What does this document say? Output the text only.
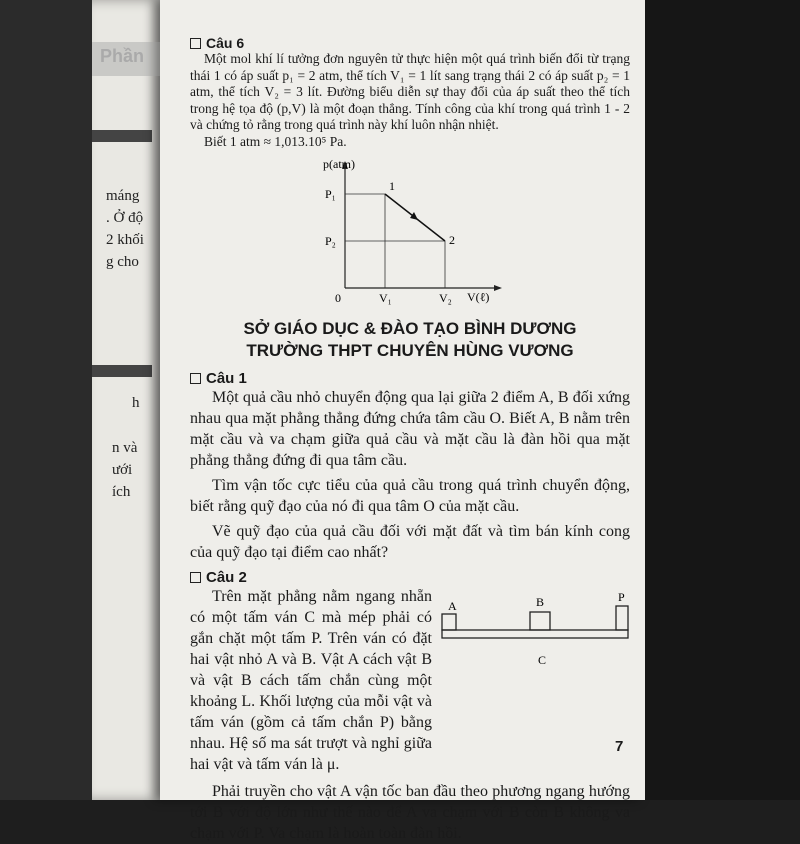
Phần
máng
. Ở độ
2 khối
g cho
h
n và
ưới
ích
Câu 6

Một mol khí lí tưởng đơn nguyên tử thực hiện một quá trình biến đổi từ trạng thái 1 có áp suất p₁ = 2 atm, thể tích V₁ = 1 lít sang trạng thái 2 có áp suất p₂ = 1 atm, thể tích V₂ = 3 lít. Đường biểu diễn sự thay đổi của áp suất theo thể tích trong hệ tọa độ (p,V) là một đoạn thẳng. Tính công của khí trong quá trình 1 - 2 và chứng tỏ rằng trong quá trình này khí luôn nhận nhiệt.

Biết 1 atm ≈ 1,013.10⁵ Pa.

p(atm)
V(ℓ)
0
P₁
P₂
V₁	V₂
1
2
SỞ GIÁO DỤC & ĐÀO TẠO BÌNH DƯƠNG
TRƯỜNG THPT CHUYÊN HÙNG VƯƠNG
Câu 1

Một quả cầu nhỏ chuyển động qua lại giữa 2 điểm A, B đối xứng nhau qua mặt phẳng thẳng đứng chứa tâm cầu O. Biết A, B nằm trên mặt cầu và va chạm giữa quả cầu và mặt cầu là đàn hồi qua mặt phẳng thẳng đứng đi qua tâm cầu.

Tìm vận tốc cực tiểu của quả cầu trong quá trình chuyển động, biết rằng quỹ đạo của nó đi qua tâm O của mặt cầu.

Vẽ quỹ đạo của quả cầu đối với mặt đất và tìm bán kính cong của quỹ đạo tại điểm cao nhất?

Câu 2

Trên mặt phẳng nằm ngang nhẵn có một tấm ván C mà mép phải có gắn chặt một tấm P. Trên ván có đặt hai vật nhỏ A và B. Vật A cách vật B và vật B cách tấm chắn cùng một khoảng L. Khối lượng của mỗi vật và tấm ván (gồm cả tấm chắn P) bằng nhau. Hệ số ma sát trượt và nghỉ giữa hai vật và tấm ván là μ.

A	B
C
P

Phải truyền cho vật A vận tốc ban đầu theo phương ngang hướng tới B với độ lớn như thế nào để A va chạm với B còn B không va chạm với P. Va chạm là hoàn toàn đàn hồi.

7
